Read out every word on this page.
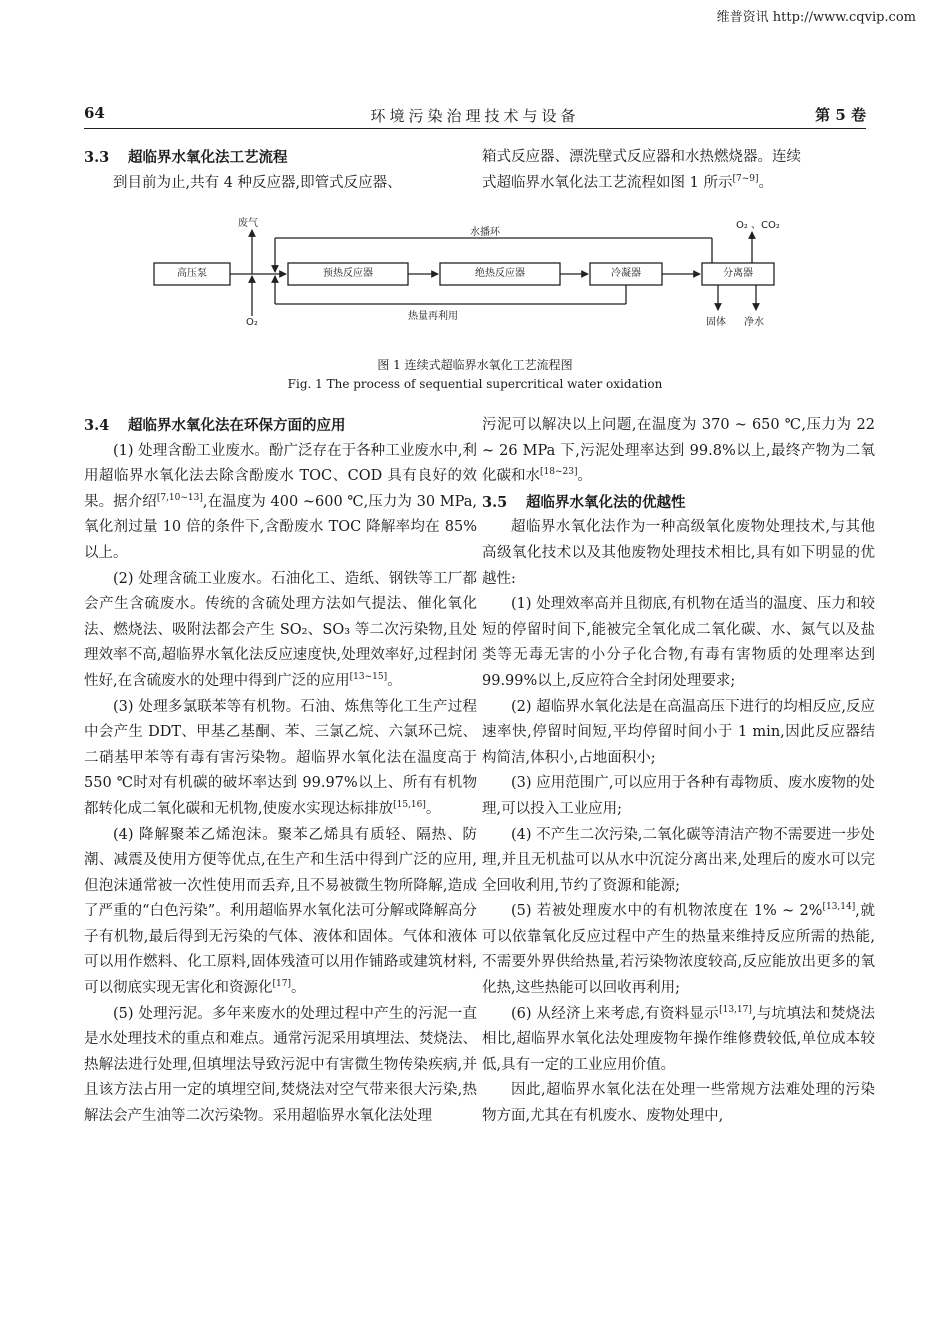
维普资讯 http://www.cqvip.com
64	环境污染治理技术与设备	第 5 卷
3.3 超临界水氧化法工艺流程

到目前为止,共有 4 种反应器,即管式反应器、

箱式反应器、漂洗壁式反应器和水热燃烧器。连续

式超临界水氧化法工艺流程如图 1 所示[7~9]。

废气
水播环
O₂ 、CO₂
高压泵	预热反应器	绝热反应器	冷凝器	分离器
O₂
热量再利用
固体 净水
图 1 连续式超临界水氧化工艺流程图
Fig. 1 The process of sequential supercritical water oxidation
3.4 超临界水氧化法在环保方面的应用

(1) 处理含酚工业废水。酚广泛存在于各种工业废水中,利用超临界水氧化法去除含酚废水 TOC、COD 具有良好的效果。据介绍[7,10~13],在温度为 400 ~600 ℃,压力为 30 MPa,氧化剂过量 10 倍的条件下,含酚废水 TOC 降解率均在 85%以上。

(2) 处理含硫工业废水。石油化工、造纸、钢铁等工厂都会产生含硫废水。传统的含硫处理方法如气提法、催化氧化法、燃烧法、吸附法都会产生 SO₂、SO₃ 等二次污染物,且处理效率不高,超临界水氧化法反应速度快,处理效率好,过程封闭性好,在含硫废水的处理中得到广泛的应用[13~15]。

(3) 处理多氯联苯等有机物。石油、炼焦等化工生产过程中会产生 DDT、甲基乙基酮、苯、三氯乙烷、六氯环己烷、二硝基甲苯等有毒有害污染物。超临界水氧化法在温度高于 550 ℃时对有机碳的破坏率达到 99.97%以上、所有有机物都转化成二氧化碳和无机物,使废水实现达标排放[15,16]。

(4) 降解聚苯乙烯泡沫。聚苯乙烯具有质轻、隔热、防潮、减震及使用方便等优点,在生产和生活中得到广泛的应用,但泡沫通常被一次性使用而丢弃,且不易被微生物所降解,造成了严重的“白色污染”。利用超临界水氧化法可分解或降解高分子有机物,最后得到无污染的气体、液体和固体。气体和液体可以用作燃料、化工原料,固体残渣可以用作铺路或建筑材料,可以彻底实现无害化和资源化[17]。

(5) 处理污泥。多年来废水的处理过程中产生的污泥一直是水处理技术的重点和难点。通常污泥采用填埋法、焚烧法、热解法进行处理,但填埋法导致污泥中有害微生物传染疾病,并且该方法占用一定的填埋空间,焚烧法对空气带来很大污染,热解法会产生油等二次污染物。采用超临界水氧化法处理

污泥可以解决以上问题,在温度为 370 ~ 650 ℃,压力为 22 ~ 26 MPa 下,污泥处理率达到 99.8%以上,最终产物为二氧化碳和水[18~23]。

3.5 超临界水氧化法的优越性

超临界水氧化法作为一种高级氧化废物处理技术,与其他高级氧化技术以及其他废物处理技术相比,具有如下明显的优越性:

(1) 处理效率高并且彻底,有机物在适当的温度、压力和较短的停留时间下,能被完全氧化成二氧化碳、水、氮气以及盐类等无毒无害的小分子化合物,有毒有害物质的处理率达到 99.99%以上,反应符合全封闭处理要求;

(2) 超临界水氧化法是在高温高压下进行的均相反应,反应速率快,停留时间短,平均停留时间小于 1 min,因此反应器结构简洁,体积小,占地面积小;

(3) 应用范围广,可以应用于各种有毒物质、废水废物的处理,可以投入工业应用;

(4) 不产生二次污染,二氧化碳等清洁产物不需要进一步处理,并且无机盐可以从水中沉淀分离出来,处理后的废水可以完全回收利用,节约了资源和能源;

(5) 若被处理废水中的有机物浓度在 1% ~ 2%[13,14],就可以依靠氧化反应过程中产生的热量来维持反应所需的热能,不需要外界供给热量,若污染物浓度较高,反应能放出更多的氧化热,这些热能可以回收再利用;

(6) 从经济上来考虑,有资料显示[13,17],与坑填法和焚烧法相比,超临界水氧化法处理废物年操作维修费较低,单位成本较低,具有一定的工业应用价值。

因此,超临界水氧化法在处理一些常规方法难处理的污染物方面,尤其在有机废水、废物处理中,
